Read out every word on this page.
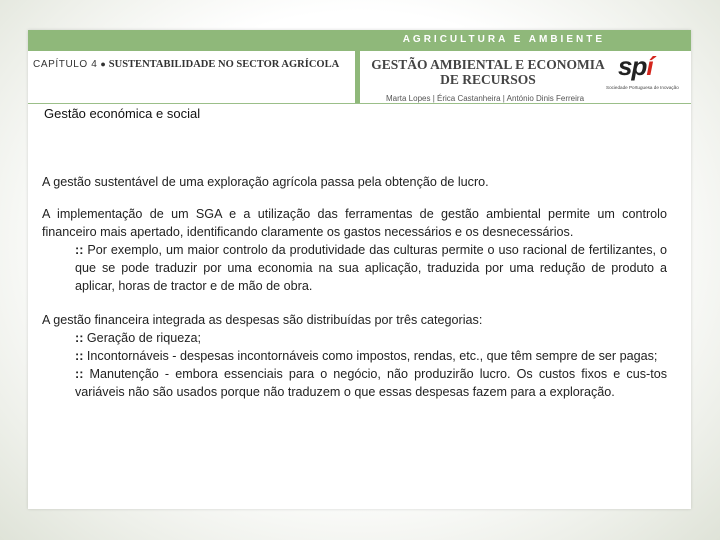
AGRICULTURA E AMBIENTE
CAPÍTULO 4 ● SUSTENTABILIDADE NO SECTOR AGRÍCOLA GESTÃO AMBIENTAL E ECONOMIA
DE RECURSOS	spí
Sociedade Portuguesa de Inovação
Marta Lopes | Érica Castanheira | António Dinis Ferreira
Gestão económica e social

A gestão sustentável de uma exploração agrícola passa pela obtenção de lucro.

A implementação de um SGA e a utilização das ferramentas de gestão ambiental permite um controlo financeiro mais apertado, identificando claramente os gastos necessários e os desnecessários.

:: Por exemplo, um maior controlo da produtividade das culturas permite o uso racional de fertilizantes, o que se pode traduzir por uma economia na sua aplicação, traduzida por uma redução de produto a aplicar, horas de tractor e de mão de obra.

A gestão financeira integrada as despesas são distribuídas por três categorias:

:: Geração de riqueza;

:: Incontornáveis - despesas incontornáveis como impostos, rendas, etc., que têm sempre de ser pagas;

:: Manutenção - embora essenciais para o negócio, não produzirão lucro. Os custos fixos e cus-tos variáveis não são usados porque não traduzem o que essas despesas fazem para a exploração.
